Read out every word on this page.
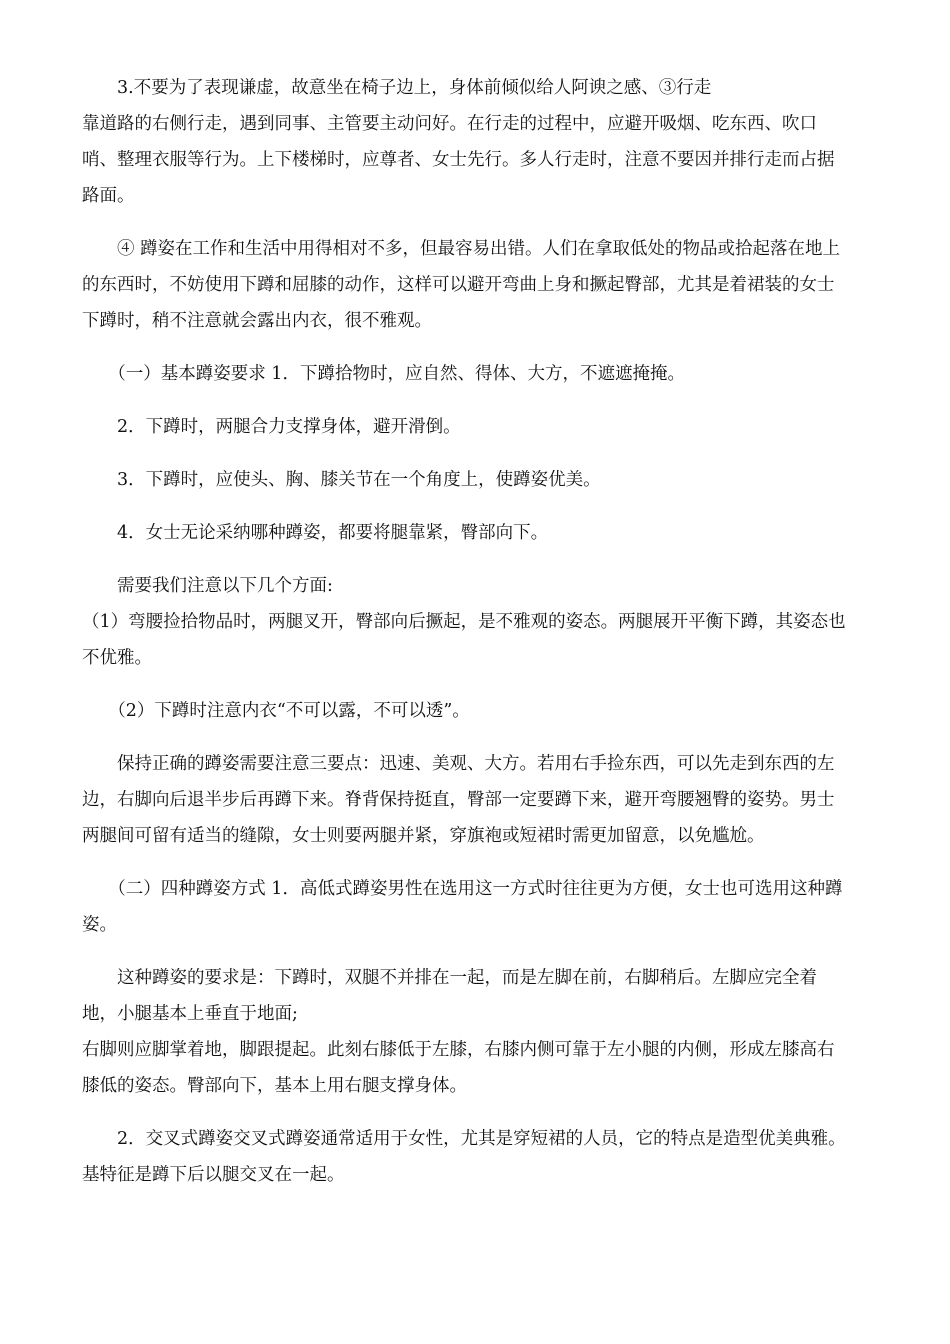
　　3.不要为了表现谦虚，故意坐在椅子边上，身体前倾似给人阿谀之感、③行走
靠道路的右侧行走，遇到同事、主管要主动问好。在行走的过程中，应避开吸烟、吃东西、吹口
哨、整理衣服等行为。上下楼梯时，应尊者、女士先行。多人行走时，注意不要因并排行走而占据
路面。
　　④ 蹲姿在工作和生活中用得相对不多，但最容易出错。人们在拿取低处的物品或拾起落在地上
的东西时，不妨使用下蹲和屈膝的动作，这样可以避开弯曲上身和撅起臀部，尤其是着裙装的女士
下蹲时，稍不注意就会露出内衣，很不雅观。
　　（一）基本蹲姿要求 1．下蹲拾物时，应自然、得体、大方，不遮遮掩掩。
　　2．下蹲时，两腿合力支撑身体，避开滑倒。
　　3．下蹲时，应使头、胸、膝关节在一个角度上，使蹲姿优美。
　　4．女士无论采纳哪种蹲姿，都要将腿靠紧，臀部向下。
　　需要我们注意以下几个方面:
（1）弯腰捡拾物品时，两腿叉开，臀部向后撅起，是不雅观的姿态。两腿展开平衡下蹲，其姿态也
不优雅。
　　（2）下蹲时注意内衣“不可以露，不可以透”。
　　保持正确的蹲姿需要注意三要点：迅速、美观、大方。若用右手捡东西，可以先走到东西的左
边，右脚向后退半步后再蹲下来。脊背保持挺直，臀部一定要蹲下来，避开弯腰翘臀的姿势。男士
两腿间可留有适当的缝隙，女士则要两腿并紧，穿旗袍或短裙时需更加留意，以免尴尬。
　　（二）四种蹲姿方式 1．高低式蹲姿男性在选用这一方式时往往更为方便，女士也可选用这种蹲
姿。
　　这种蹲姿的要求是：下蹲时，双腿不并排在一起，而是左脚在前，右脚稍后。左脚应完全着
地，小腿基本上垂直于地面;
右脚则应脚掌着地，脚跟提起。此刻右膝低于左膝，右膝内侧可靠于左小腿的内侧，形成左膝高右
膝低的姿态。臀部向下，基本上用右腿支撑身体。
　　2．交叉式蹲姿交叉式蹲姿通常适用于女性，尤其是穿短裙的人员，它的特点是造型优美典雅。
基特征是蹲下后以腿交叉在一起。
